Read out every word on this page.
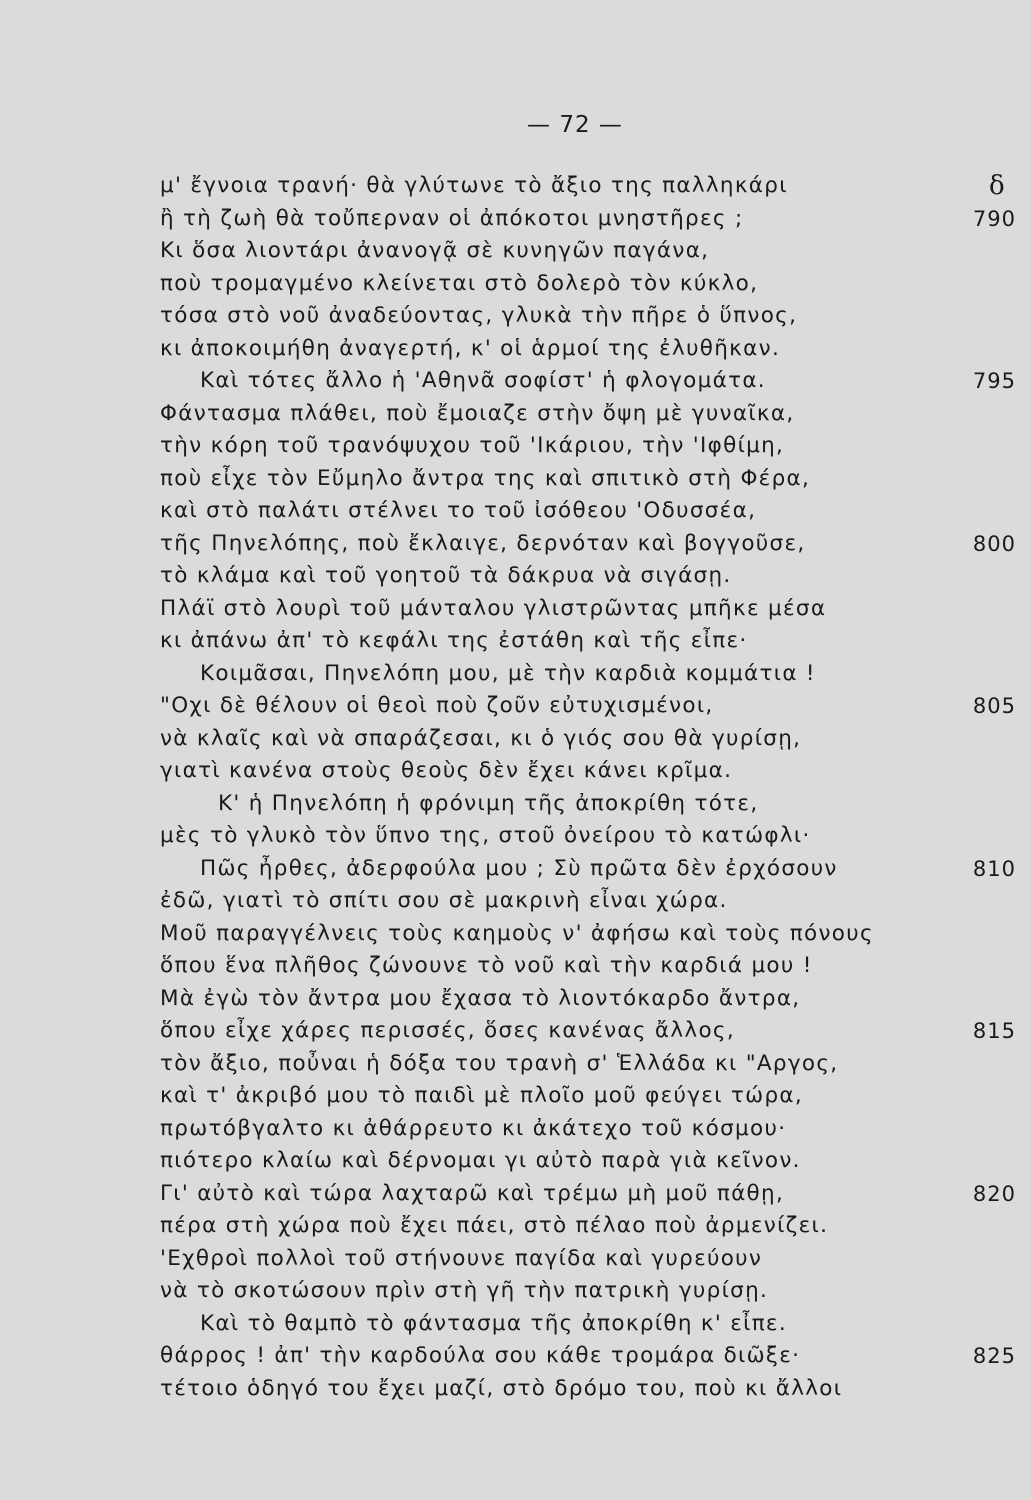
— 72 —
μ' ἔγνοια τρανή· θὰ γλύτωνε τὸ ἄξιο της παλληκάρι	δ
ἢ τὴ ζωὴ θὰ τοὔπερναν οἱ ἀπόκοτοι μνηστῆρες ;	790
Κι ὅσα λιοντάρι ἀνανογᾷ σὲ κυνηγῶν παγάνα,
ποὺ τρομαγμένο κλείνεται στὸ δολερὸ τὸν κύκλο,
τόσα στὸ νοῦ ἀναδεύοντας, γλυκὰ τὴν πῆρε ὁ ὕπνος,
κι ἀποκοιμήθη ἀναγερτή, κ' οἱ ἁρμοί της ἐλυθῆκαν.
Καὶ τότες ἄλλο ἡ 'Αθηνᾶ σοφίστ' ἡ φλογομάτα.	795
Φάντασμα πλάθει, ποὺ ἔμοιαζε στὴν ὄψη μὲ γυναῖκα,
τὴν κόρη τοῦ τρανόψυχου τοῦ 'Ικάριου, τὴν 'Ιφθίμη,
ποὺ εἶχε τὸν Εὔμηλο ἄντρα της καὶ σπιτικὸ στὴ Φέρα,
καὶ στὸ παλάτι στέλνει το τοῦ ἰσόθεου 'Οδυσσέα,
τῆς Πηνελόπης, ποὺ ἔκλαιγε, δερνόταν καὶ βογγοῦσε,	800
τὸ κλάμα καὶ τοῦ γοητοῦ τὰ δάκρυα νὰ σιγάσῃ.
Πλάϊ στὸ λουρὶ τοῦ μάνταλου γλιστρῶντας μπῆκε μέσα
κι ἀπάνω ἀπ' τὸ κεφάλι της ἐστάθη καὶ τῆς εἶπε·
Κοιμᾶσαι, Πηνελόπη μου, μὲ τὴν καρδιὰ κομμάτια !
"Οχι δὲ θέλουν οἱ θεοὶ ποὺ ζοῦν εὐτυχισμένοι,	805
νὰ κλαῖς καὶ νὰ σπαράζεσαι, κι ὁ γιός σου θὰ γυρίσῃ,
γιατὶ κανένα στοὺς θεοὺς δὲν ἔχει κάνει κρῖμα.
Κ' ἡ Πηνελόπη ἡ φρόνιμη τῆς ἀποκρίθη τότε,
μὲς τὸ γλυκὸ τὸν ὕπνο της, στοῦ ὀνείρου τὸ κατώφλι·
Πῶς ἦρθες, ἀδερφούλα μου ; Σὺ πρῶτα δὲν ἐρχόσουν	810
ἐδῶ, γιατὶ τὸ σπίτι σου σὲ μακρινὴ εἶναι χώρα.
Μοῦ παραγγέλνεις τοὺς καημοὺς ν' ἀφήσω καὶ τοὺς πόνους
ὅπου ἕνα πλῆθος ζώνουνε τὸ νοῦ καὶ τὴν καρδιά μου !
Μὰ ἐγὼ τὸν ἄντρα μου ἔχασα τὸ λιοντόκαρδο ἄντρα,
ὅπου εἶχε χάρες περισσές, ὅσες κανένας ἄλλος,	815
τὸν ἄξιο, ποὖναι ἡ δόξα του τρανὴ σ' Ἑλλάδα κι "Αργος,
καὶ τ' ἀκριβό μου τὸ παιδὶ μὲ πλοῖο μοῦ φεύγει τώρα,
πρωτόβγαλτο κι ἀθάρρευτο κι ἀκάτεχο τοῦ κόσμου·
πιότερο κλαίω καὶ δέρνομαι γι αὐτὸ παρὰ γιὰ κεῖνον.
Γι' αὐτὸ καὶ τώρα λαχταρῶ καὶ τρέμω μὴ μοῦ πάθῃ,	820
πέρα στὴ χώρα ποὺ ἔχει πάει, στὸ πέλαο ποὺ ἀρμενίζει.
'Εχθροὶ πολλοὶ τοῦ στήνουνε παγίδα καὶ γυρεύουν
νὰ τὸ σκοτώσουν πρὶν στὴ γῆ τὴν πατρικὴ γυρίσῃ.
Καὶ τὸ θαμπὸ τὸ φάντασμα τῆς ἀποκρίθη κ' εἶπε.
θάρρος ! ἀπ' τὴν καρδούλα σου κάθε τρομάρα διῶξε·	825
τέτοιο ὁδηγό του ἔχει μαζί, στὸ δρόμο του, ποὺ κι ἄλλοι
